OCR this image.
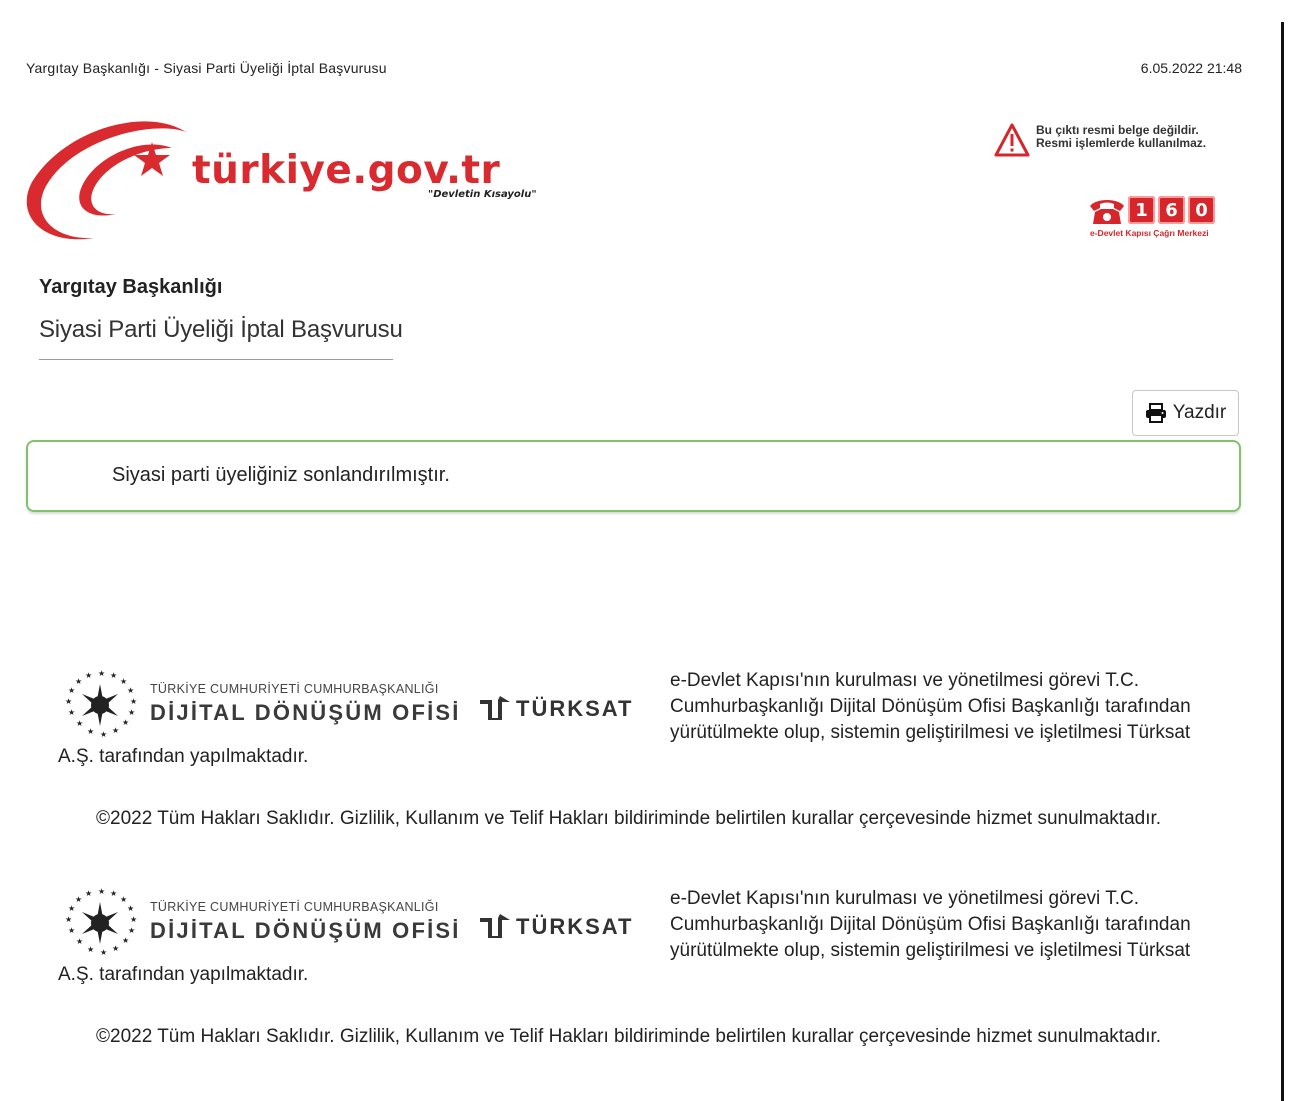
Yargıtay Başkanlığı - Siyasi Parti Üyeliği İptal Başvurusu	6.05.2022 21:48
türkiye.gov.tr
"Devletin Kısayolu"
Bu çıktı resmi belge değildir.
Resmi işlemlerde kullanılmaz.
1 6 0
e-Devlet Kapısı Çağrı Merkezi
Yargıtay Başkanlığı
Siyasi Parti Üyeliği İptal Başvurusu
Yazdır
Siyasi parti üyeliğiniz sonlandırılmıştır.
★ ★
★
★
★
★
★
★
★
★
★
★
★
★
★
★
TÜRKİYE CUMHURİYETİ CUMHURBAŞKANLIĞI
DİJİTAL DÖNÜŞÜM OFİSİ	TÜRKSAT
e-Devlet Kapısı'nın kurulması ve yönetilmesi görevi T.C. Cumhurbaşkanlığı Dijital Dönüşüm Ofisi Başkanlığı tarafından yürütülmekte olup, sistemin geliştirilmesi ve işletilmesi Türksat
A.Ş. tarafından yapılmaktadır.
©2022 Tüm Hakları Saklıdır. Gizlilik, Kullanım ve Telif Hakları bildiriminde belirtilen kurallar çerçevesinde hizmet sunulmaktadır.
★ ★
★
★
★
★
★
★
★
★
★
★
★
★
★
★
TÜRKİYE CUMHURİYETİ CUMHURBAŞKANLIĞI
DİJİTAL DÖNÜŞÜM OFİSİ	TÜRKSAT
e-Devlet Kapısı'nın kurulması ve yönetilmesi görevi T.C. Cumhurbaşkanlığı Dijital Dönüşüm Ofisi Başkanlığı tarafından yürütülmekte olup, sistemin geliştirilmesi ve işletilmesi Türksat
A.Ş. tarafından yapılmaktadır.
©2022 Tüm Hakları Saklıdır. Gizlilik, Kullanım ve Telif Hakları bildiriminde belirtilen kurallar çerçevesinde hizmet sunulmaktadır.
